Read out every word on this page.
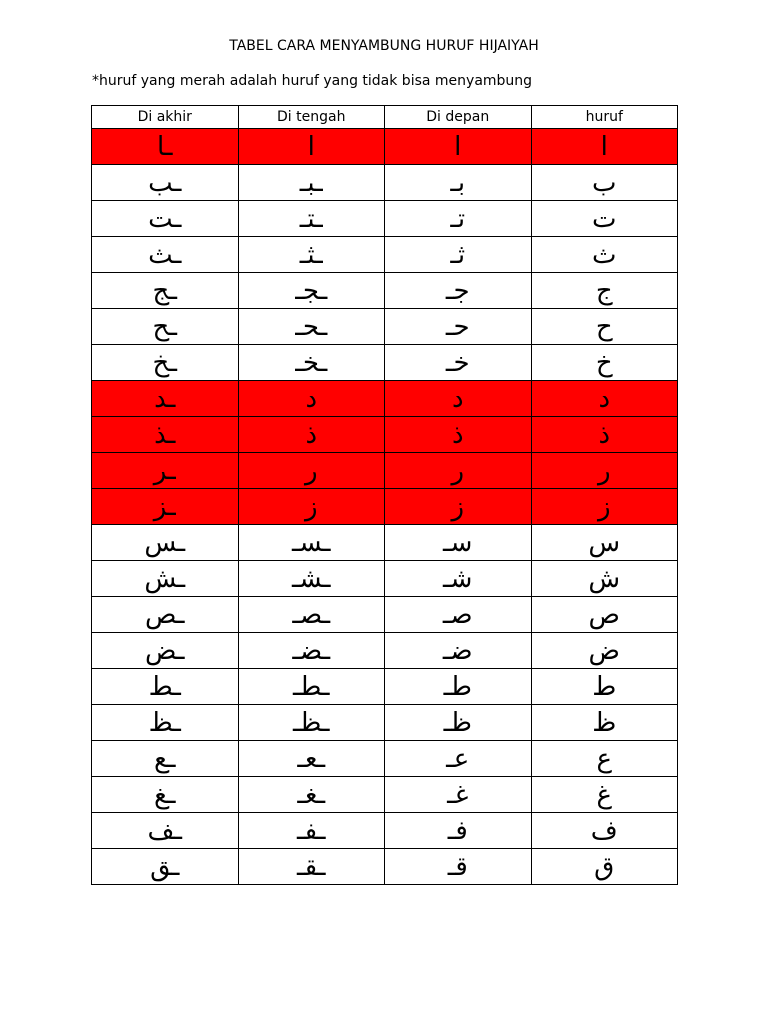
TABEL CARA MENYAMBUNG HURUF HIJAIYAH
*huruf yang merah adalah huruf yang tidak bisa menyambung
Di akhir	Di tengah	Di depan	huruf
ـا	ا	ا	ا
ـب	ـبـ	بـ	ب
ـت	ـتـ	تـ	ت
ـث	ـثـ	ثـ	ث
ـج	ـجـ	جـ	ج
ـح	ـحـ	حـ	ح
ـخ	ـخـ	خـ	خ
ـد	د	د	د
ـذ	ذ	ذ	ذ
ـر	ر	ر	ر
ـز	ز	ز	ز
ـس	ـسـ	سـ	س
ـش	ـشـ	شـ	ش
ـص	ـصـ	صـ	ص
ـض	ـضـ	ضـ	ض
ـط	ـطـ	طـ	ط
ـظ	ـظـ	ظـ	ظ
ـع	ـعـ	عـ	ع
ـغ	ـغـ	غـ	غ
ـف	ـفـ	فـ	ف
ـق	ـقـ	قـ	ق
